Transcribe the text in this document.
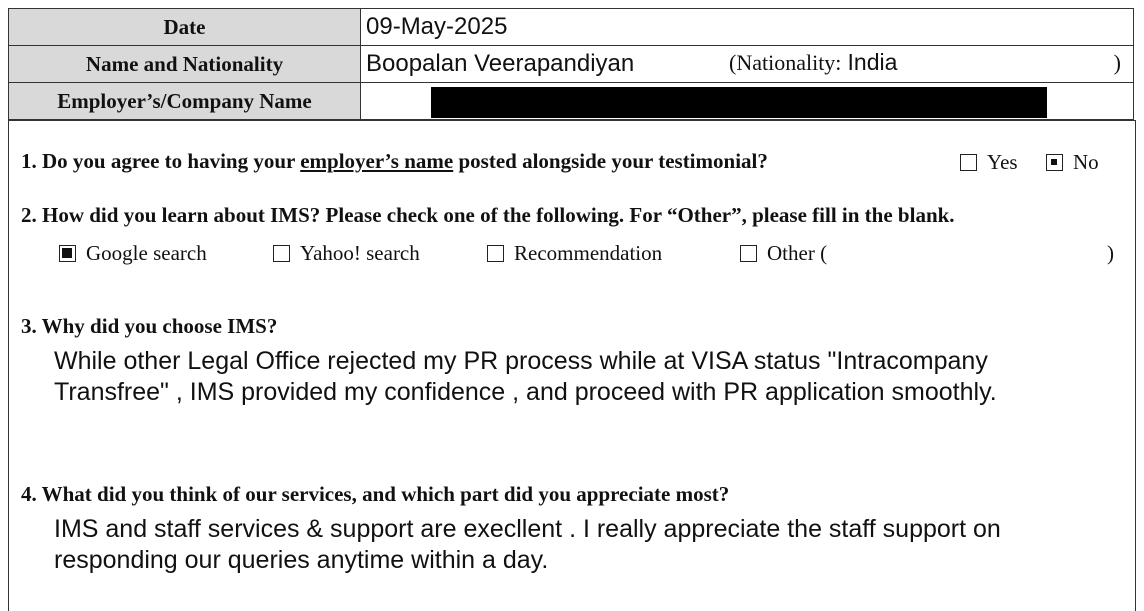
Date	09-May-2025
Name and Nationality	Boopalan Veerapandiyan (Nationality: India )

Employer’s/Company Name	
1. Do you agree to having your employer’s name posted alongside your testimonial?	Yes	No
2. How did you learn about IMS? Please check one of the following. For “Other”, please fill in the blank.
Google search	Yahoo! search	Recommendation	Other (	)
3. Why did you choose IMS?
While other Legal Office rejected my PR process while at VISA status "Intracompany
Transfree" , IMS provided my confidence , and proceed with PR application smoothly.
4. What did you think of our services, and which part did you appreciate most?
IMS and staff services & support are execllent . I really appreciate the staff support on
responding our queries anytime within a day.
